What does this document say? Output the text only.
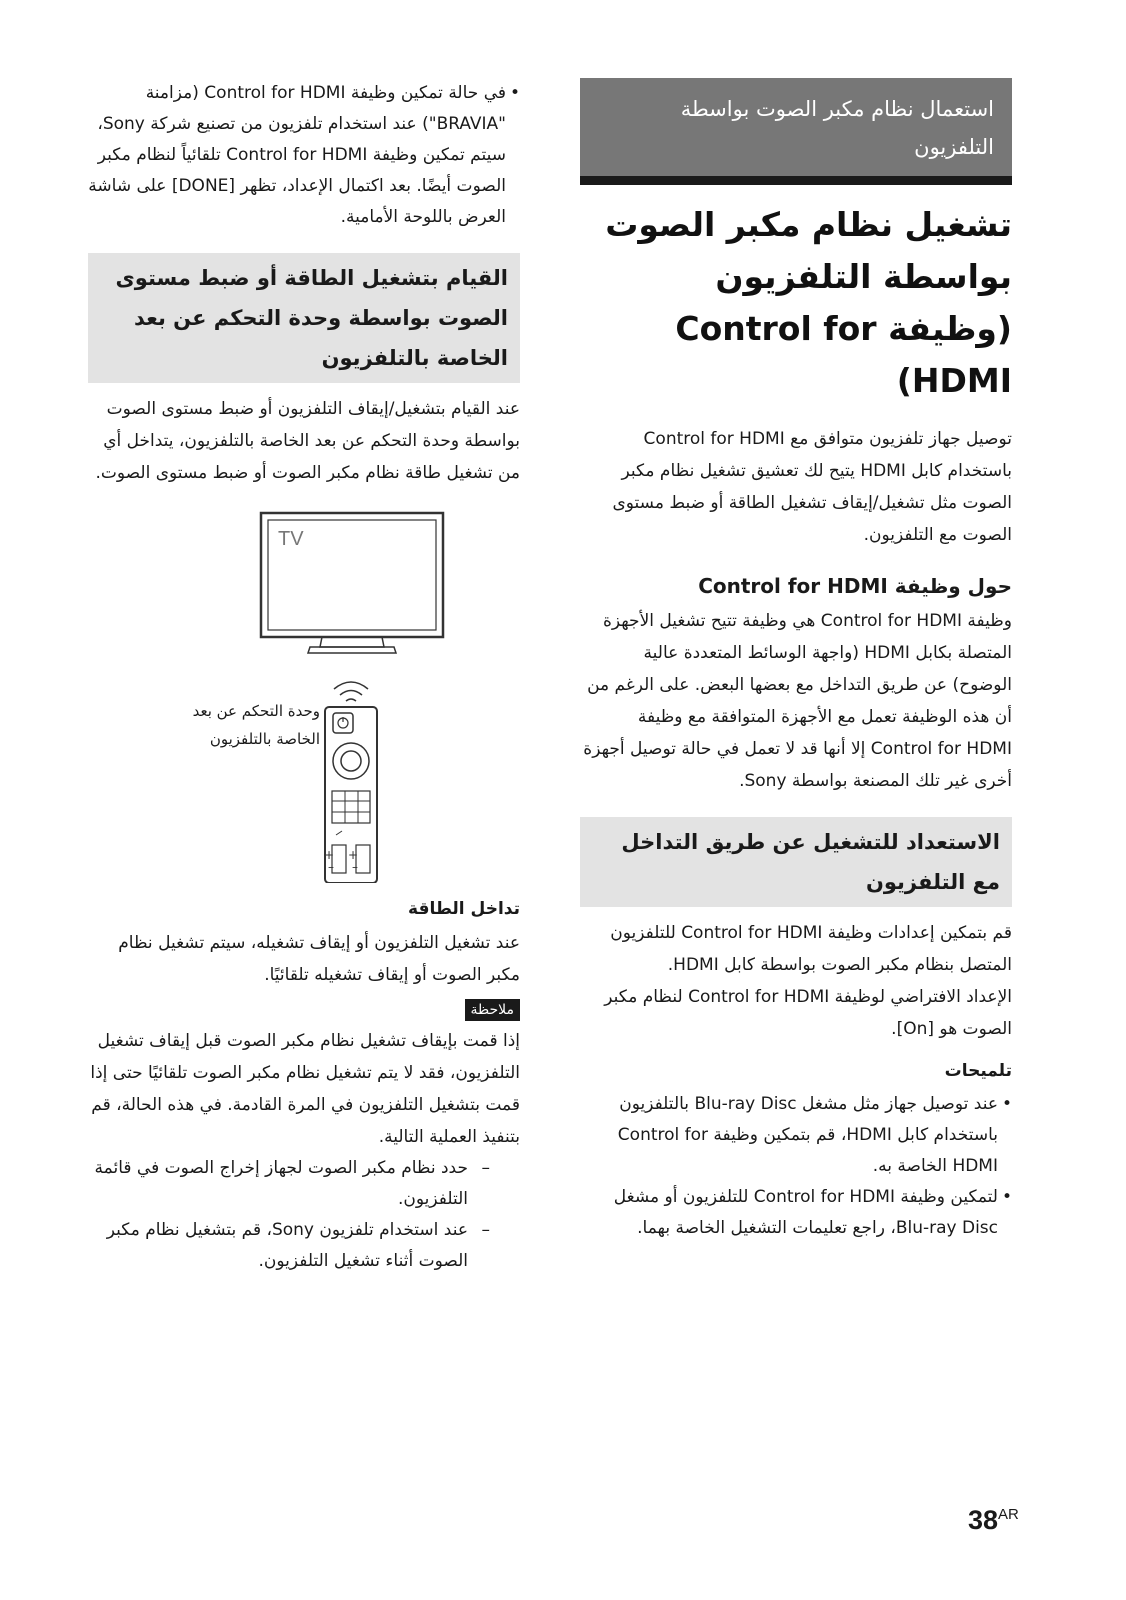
استعمال نظام مكبر الصوت بواسطة التلفزيون
تشغيل نظام مكبر الصوت بواسطة التلفزيون (وظيفة Control for HDMI)

توصيل جهاز تلفزيون متوافق مع Control for HDMI باستخدام كابل HDMI يتيح لك تعشيق تشغيل نظام مكبر الصوت مثل تشغيل/إيقاف تشغيل الطاقة أو ضبط مستوى الصوت مع التلفزيون.

حول وظيفة Control for HDMI

وظيفة Control for HDMI هي وظيفة تتيح تشغيل الأجهزة المتصلة بكابل HDMI (واجهة الوسائط المتعددة عالية الوضوح) عن طريق التداخل مع بعضها البعض. على الرغم من أن هذه الوظيفة تعمل مع الأجهزة المتوافقة مع وظيفة Control for HDMI إلا أنها قد لا تعمل في حالة توصيل أجهزة أخرى غير تلك المصنعة بواسطة Sony.

الاستعداد للتشغيل عن طريق التداخل مع التلفزيون

قم بتمكين إعدادات وظيفة Control for HDMI للتلفزيون المتصل بنظام مكبر الصوت بواسطة كابل HDMI.

الإعداد الافتراضي لوظيفة Control for HDMI لنظام مكبر الصوت هو [On].

تلميحات
• عند توصيل جهاز مثل مشغل Blu-ray Disc بالتلفزيون باستخدام كابل HDMI، قم بتمكين وظيفة Control for HDMI الخاصة به.
• لتمكين وظيفة Control for HDMI للتلفزيون أو مشغل Blu-ray Disc، راجع تعليمات التشغيل الخاصة بهما.
• في حالة تمكين وظيفة Control for HDMI (مزامنة "BRAVIA") عند استخدام تلفزيون من تصنيع شركة Sony، سيتم تمكين وظيفة Control for HDMI تلقائياً لنظام مكبر الصوت أيضًا. بعد اكتمال الإعداد، تظهر [DONE] على شاشة العرض باللوحة الأمامية.
القيام بتشغيل الطاقة أو ضبط مستوى الصوت بواسطة وحدة التحكم عن بعد الخاصة بالتلفزيون

عند القيام بتشغيل/إيقاف التلفزيون أو ضبط مستوى الصوت بواسطة وحدة التحكم عن بعد الخاصة بالتلفزيون، يتداخل أي من تشغيل طاقة نظام مكبر الصوت أو ضبط مستوى الصوت.

TV
+
–
+
–
وحدة التحكم عن بعد
الخاصة بالتلفزيون
تداخل الطاقة

عند تشغيل التلفزيون أو إيقاف تشغيله، سيتم تشغيل نظام مكبر الصوت أو إيقاف تشغيله تلقائيًا.

ملاحظة

إذا قمت بإيقاف تشغيل نظام مكبر الصوت قبل إيقاف تشغيل التلفزيون، فقد لا يتم تشغيل نظام مكبر الصوت تلقائيًا حتى إذا قمت بتشغيل التلفزيون في المرة القادمة. في هذه الحالة، قم بتنفيذ العملية التالية.

– حدد نظام مكبر الصوت لجهاز إخراج الصوت في قائمة التلفزيون.
– عند استخدام تلفزيون Sony، قم بتشغيل نظام مكبر الصوت أثناء تشغيل التلفزيون.
$38^{AR}$
